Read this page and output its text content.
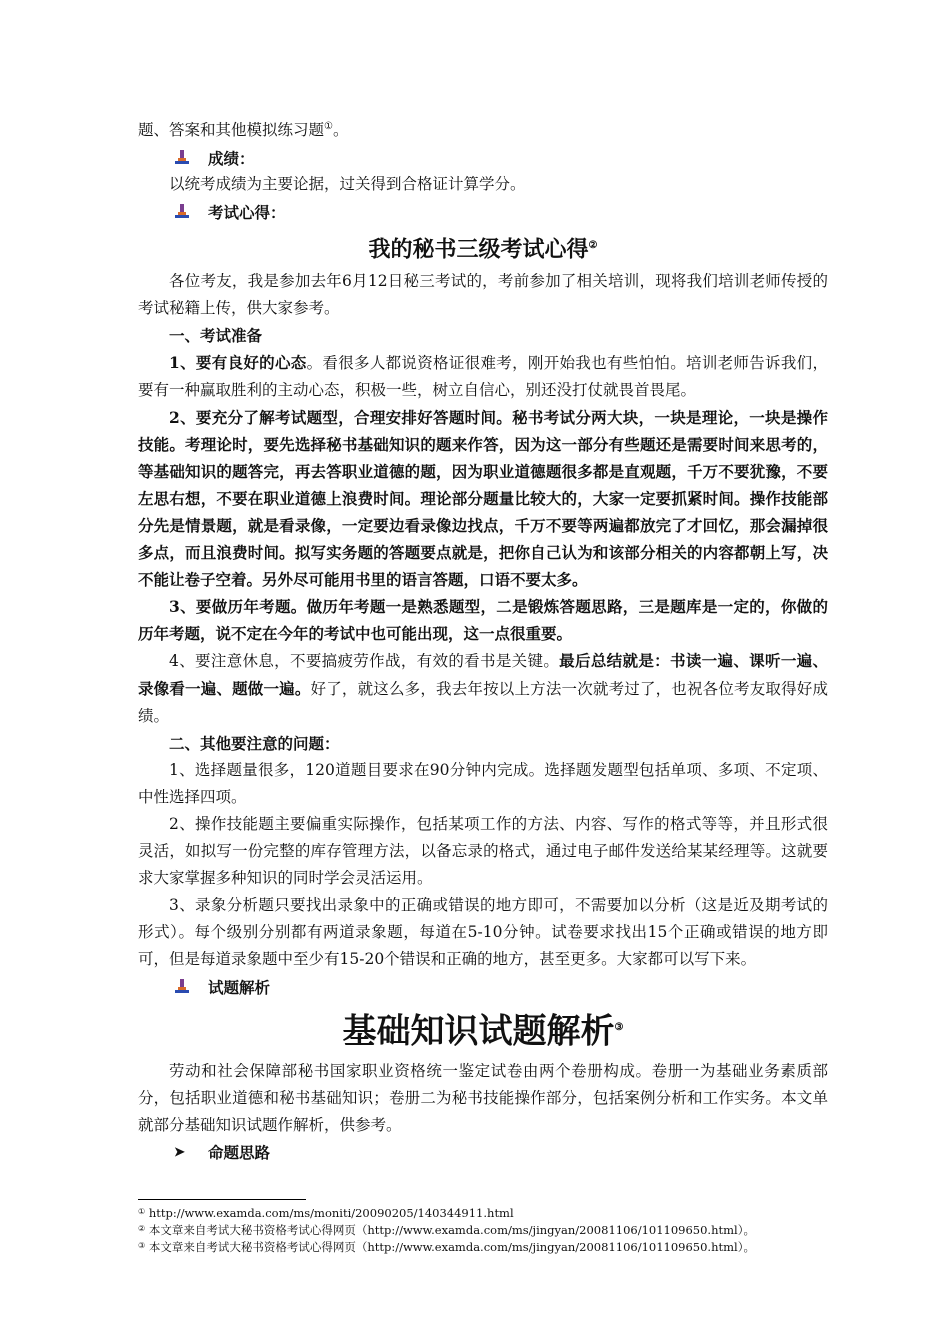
题、答案和其他模拟练习题①。

成绩：

以统考成绩为主要论据，过关得到合格证计算学分。

考试心得：
我的秘书三级考试心得②

各位考友，我是参加去年6月12日秘三考试的，考前参加了相关培训，现将我们培训老师传授的考试秘籍上传，供大家参考。

一、考试准备

1、要有良好的心态。看很多人都说资格证很难考，刚开始我也有些怕怕。培训老师告诉我们，要有一种赢取胜利的主动心态，积极一些，树立自信心，别还没打仗就畏首畏尾。

2、要充分了解考试题型，合理安排好答题时间。秘书考试分两大块，一块是理论，一块是操作技能。考理论时，要先选择秘书基础知识的题来作答，因为这一部分有些题还是需要时间来思考的，等基础知识的题答完，再去答职业道德的题，因为职业道德题很多都是直观题，千万不要犹豫，不要左思右想，不要在职业道德上浪费时间。理论部分题量比较大的，大家一定要抓紧时间。操作技能部分先是情景题，就是看录像，一定要边看录像边找点，千万不要等两遍都放完了才回忆，那会漏掉很多点，而且浪费时间。拟写实务题的答题要点就是，把你自己认为和该部分相关的内容都朝上写，决不能让卷子空着。另外尽可能用书里的语言答题，口语不要太多。

3、要做历年考题。做历年考题一是熟悉题型，二是锻炼答题思路，三是题库是一定的，你做的历年考题，说不定在今年的考试中也可能出现，这一点很重要。

4、要注意休息，不要搞疲劳作战，有效的看书是关键。最后总结就是：书读一遍、课听一遍、录像看一遍、题做一遍。好了，就这么多，我去年按以上方法一次就考过了，也祝各位考友取得好成绩。

二、其他要注意的问题：

1、选择题量很多，120道题目要求在90分钟内完成。选择题发题型包括单项、多项、不定项、中性选择四项。

2、操作技能题主要偏重实际操作，包括某项工作的方法、内容、写作的格式等等，并且形式很灵活，如拟写一份完整的库存管理方法，以备忘录的格式，通过电子邮件发送给某某经理等。这就要求大家掌握多种知识的同时学会灵活运用。

3、录象分析题只要找出录象中的正确或错误的地方即可，不需要加以分析（这是近及期考试的形式）。每个级别分别都有两道录象题，每道在5-10分钟。试卷要求找出15个正确或错误的地方即可，但是每道录象题中至少有15-20个错误和正确的地方，甚至更多。大家都可以写下来。

试题解析
基础知识试题解析③

劳动和社会保障部秘书国家职业资格统一鉴定试卷由两个卷册构成。卷册一为基础业务素质部分，包括职业道德和秘书基础知识；卷册二为秘书技能操作部分，包括案例分析和工作实务。本文单就部分基础知识试题作解析，供参考。

➤	命题思路
① http://www.examda.com/ms/moniti/20090205/140344911.html
② 本文章来自考试大秘书资格考试心得网页（http://www.examda.com/ms/jingyan/20081106/101109650.html）。
③ 本文章来自考试大秘书资格考试心得网页（http://www.examda.com/ms/jingyan/20081106/101109650.html）。
